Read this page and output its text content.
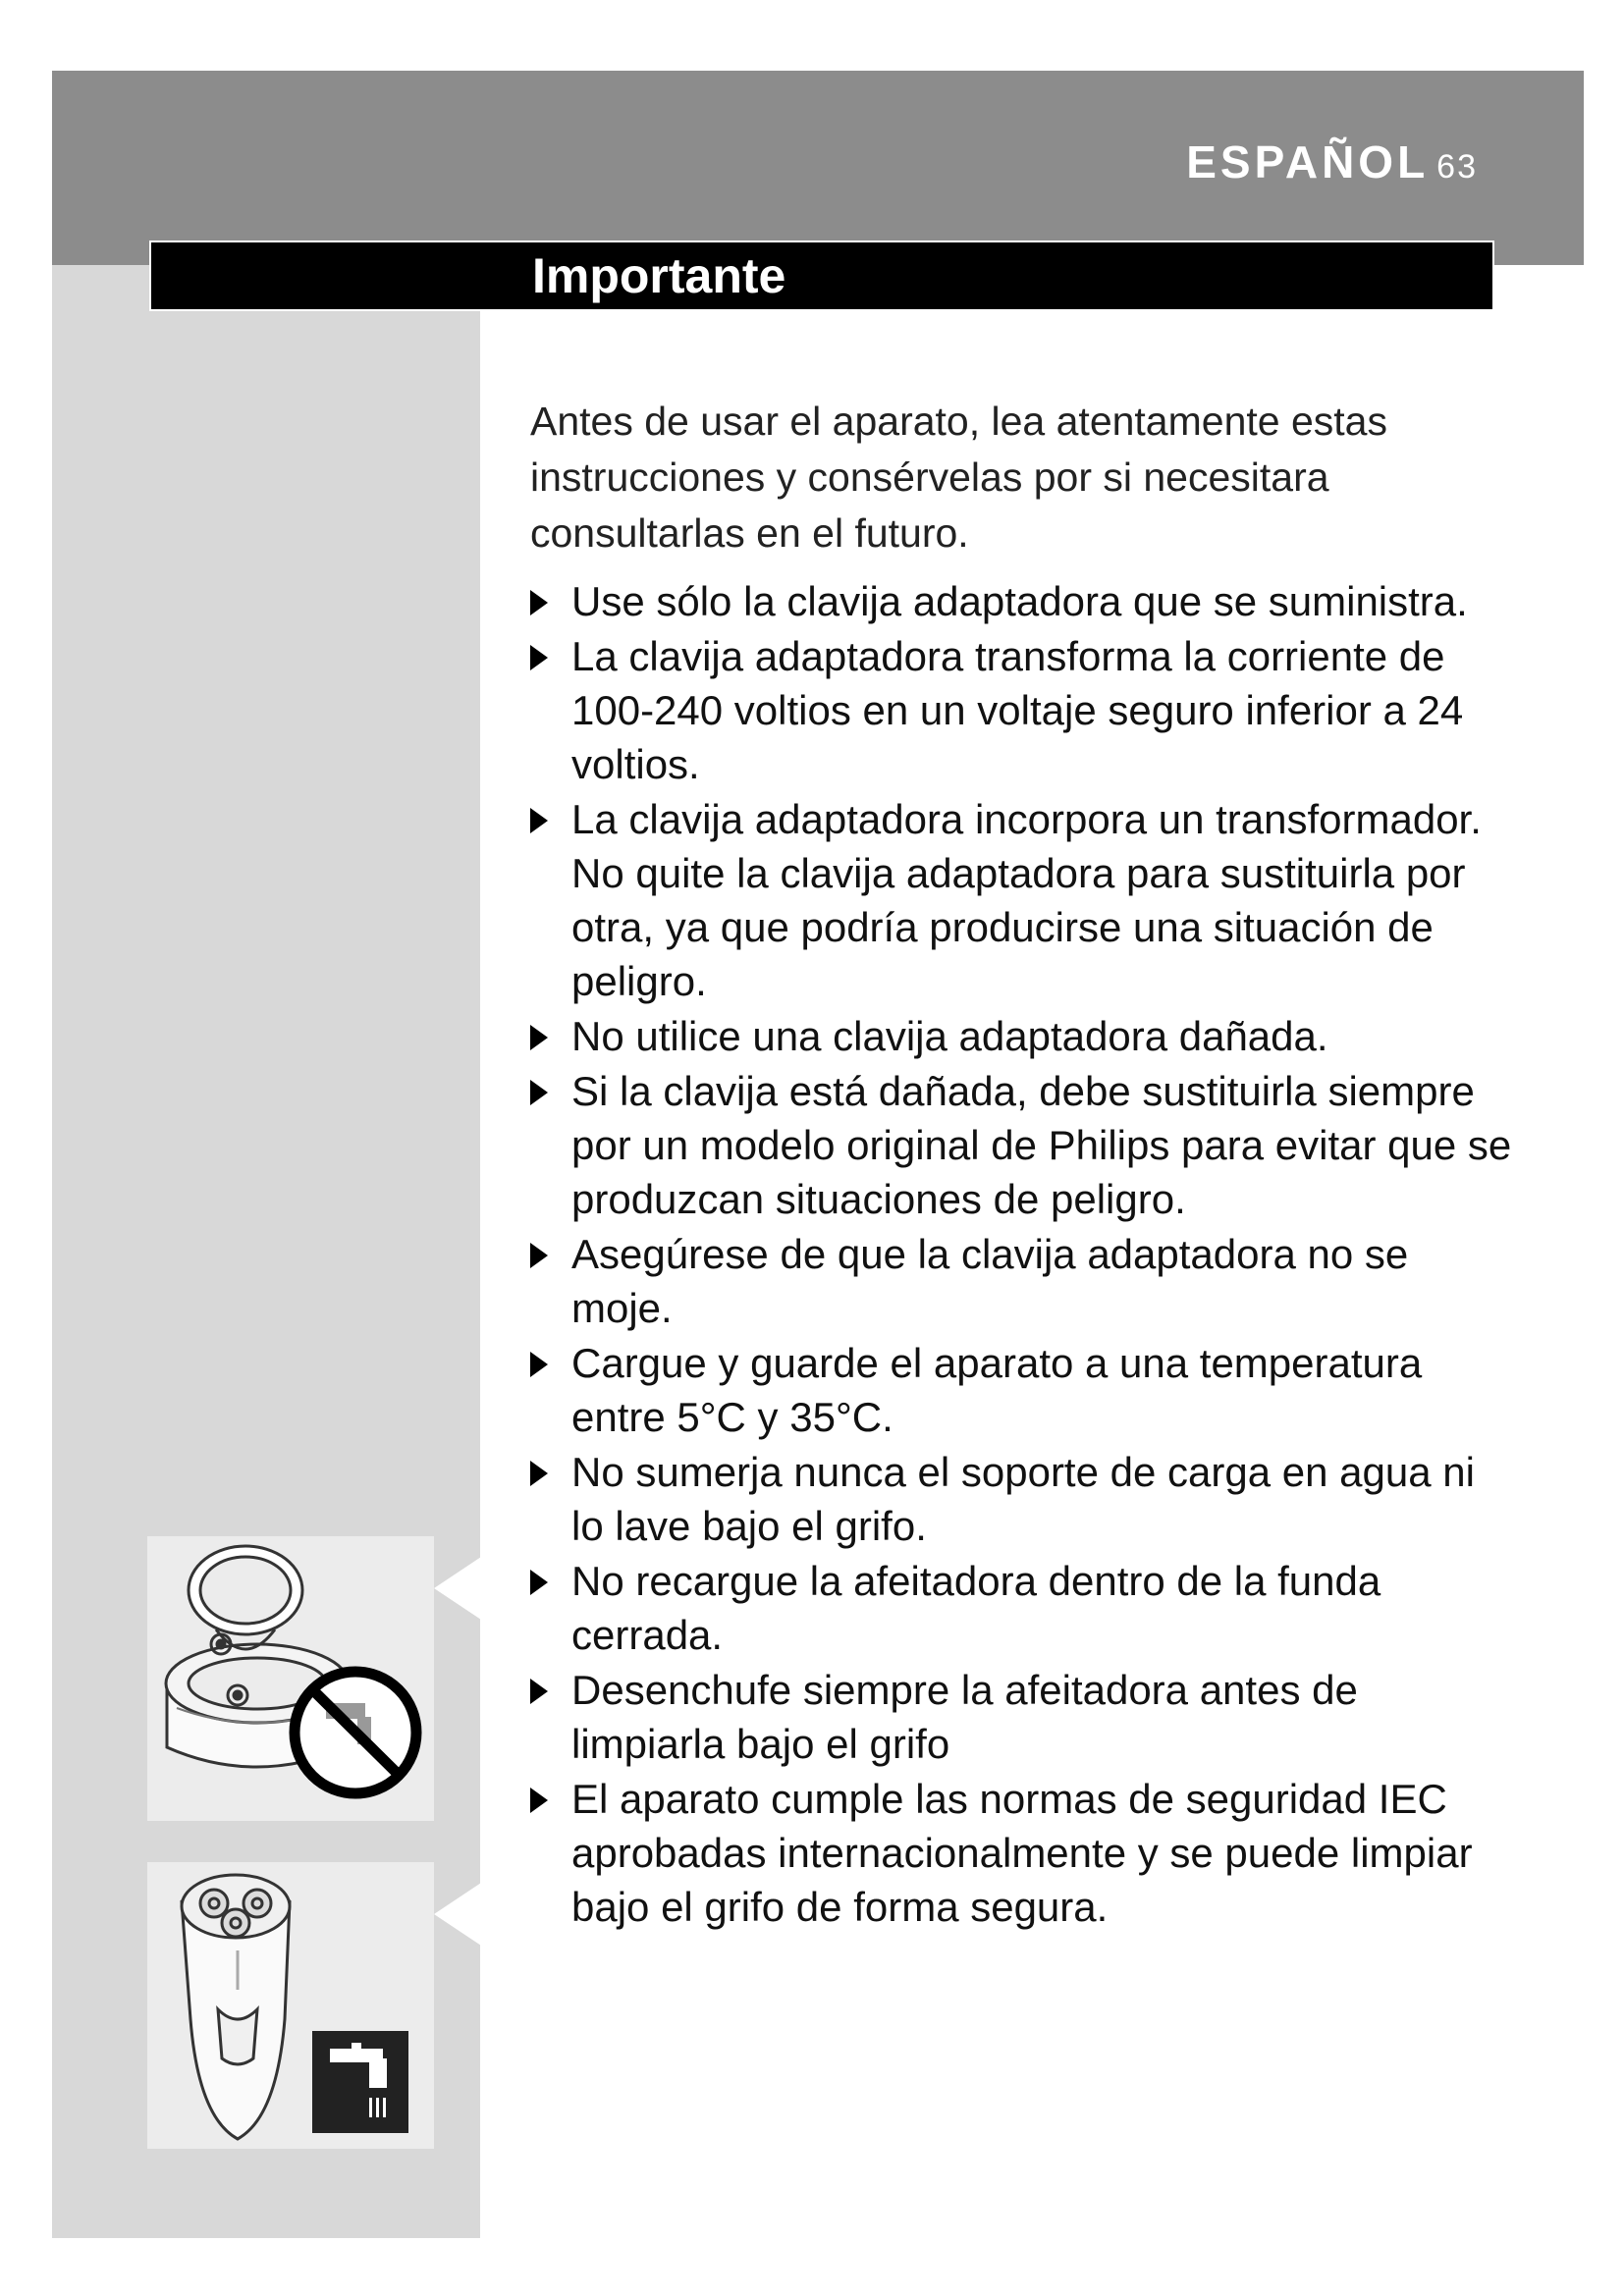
ESPAÑOL 63
Importante

Antes de usar el aparato, lea atentamente estas instrucciones y consérvelas por si necesitara consultarlas en el futuro.

Use sólo la clavija adaptadora que se suministra.
La clavija adaptadora transforma la corriente de 100-240 voltios en un voltaje seguro inferior a 24 voltios.
La clavija adaptadora incorpora un transformador. No quite la clavija adaptadora para sustituirla por otra, ya que podría producirse una situación de peligro.
No utilice una clavija adaptadora dañada.
Si la clavija está dañada, debe sustituirla siempre por un modelo original de Philips para evitar que se produzcan situaciones de peligro.
Asegúrese de que la clavija adaptadora no se moje.
Cargue y guarde el aparato a una temperatura entre 5°C y 35°C.
No sumerja nunca el soporte de carga en agua ni lo lave bajo el grifo.
No recargue la afeitadora dentro de la funda cerrada.
Desenchufe siempre la afeitadora antes de limpiarla bajo el grifo
El aparato cumple las normas de seguridad IEC aprobadas internacionalmente y se puede limpiar bajo el grifo de forma segura.
